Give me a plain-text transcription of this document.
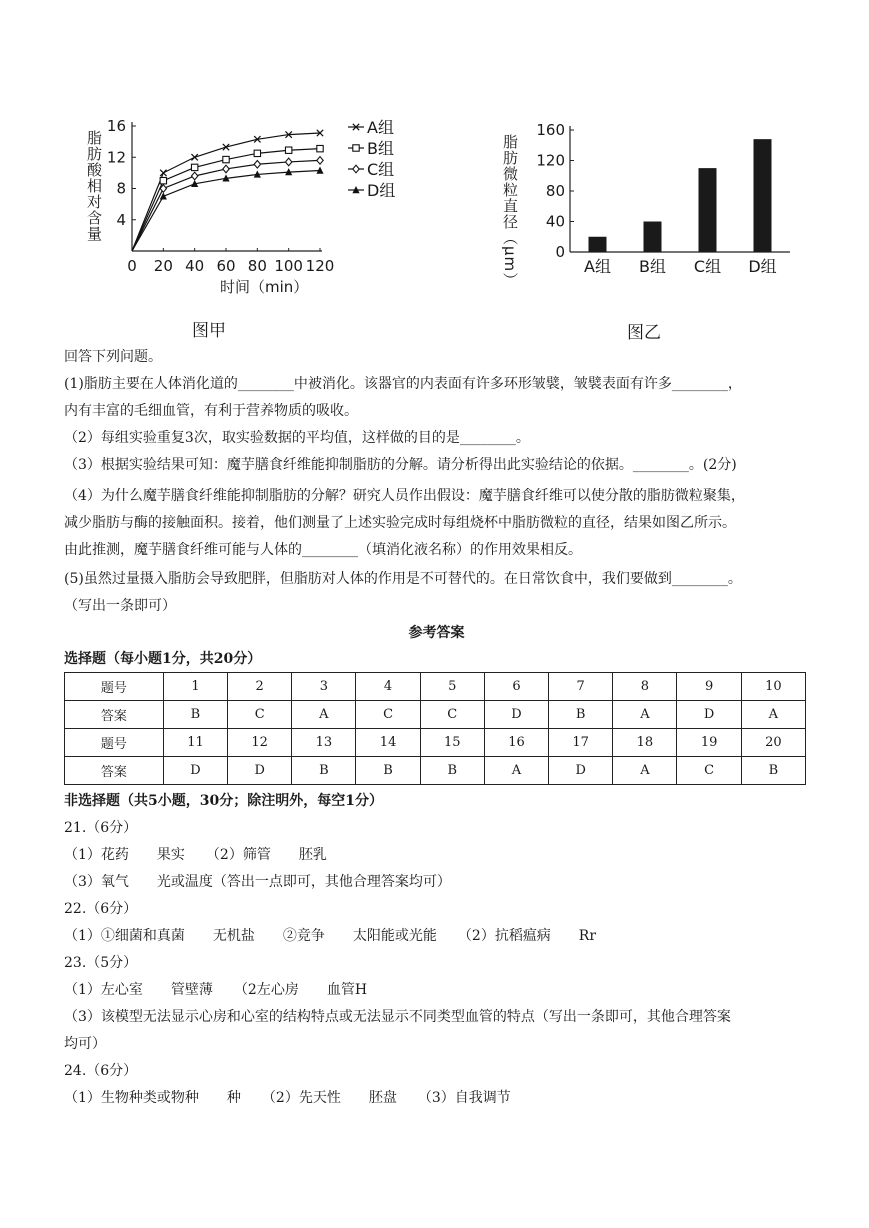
0 20 40 60 80 100 120
4
8
12
16	A组
B组
C组
D组
脂肪酸相对含量
时间（min）
0
40
80
120
160
A组 B组 C组 D组
脂肪微粒直径（μm）
图甲	图乙
回答下列问题。
(1)脂肪主要在人体消化道的________中被消化。该器官的内表面有许多环形皱襞，皱襞表面有许多________，
内有丰富的毛细血管，有利于营养物质的吸收。
（2）每组实验重复3次，取实验数据的平均值，这样做的目的是________。
（3）根据实验结果可知：魔芋膳食纤维能抑制脂肪的分解。请分析得出此实验结论的依据。________。(2分)
（4）为什么魔芋膳食纤维能抑制脂肪的分解？研究人员作出假设：魔芋膳食纤维可以使分散的脂肪微粒聚集，
减少脂肪与酶的接触面积。接着，他们测量了上述实验完成时每组烧杯中脂肪微粒的直径，结果如图乙所示。
由此推测，魔芋膳食纤维可能与人体的________（填消化液名称）的作用效果相反。
(5)虽然过量摄入脂肪会导致肥胖，但脂肪对人体的作用是不可替代的。在日常饮食中，我们要做到________。
（写出一条即可）
参考答案
选择题（每小题1分，共20分）
题号	1	2	3	4	5	6	7	8	9	10
答案	B	C	A	C	C	D	B	A	D	A
题号	11	12	13	14	15	16	17	18	19	20
答案	D	D	B	B	B	A	D	A	C	B
非选择题（共5小题，30分；除注明外，每空1分）
21.（6分）
（1）花药　　果实　　（2）筛管　　胚乳
（3）氧气　　光或温度（答出一点即可，其他合理答案均可）
22.（6分）
（1）①细菌和真菌　　无机盐　　②竞争　　太阳能或光能　　（2）抗稻瘟病　　Rr
23.（5分）
（1）左心室　　管壁薄　　（2左心房　　血管H
（3）该模型无法显示心房和心室的结构特点或无法显示不同类型血管的特点（写出一条即可，其他合理答案
均可）
24.（6分）
（1）生物种类或物种　　种　　（2）先天性　　胚盘　　（3）自我调节
